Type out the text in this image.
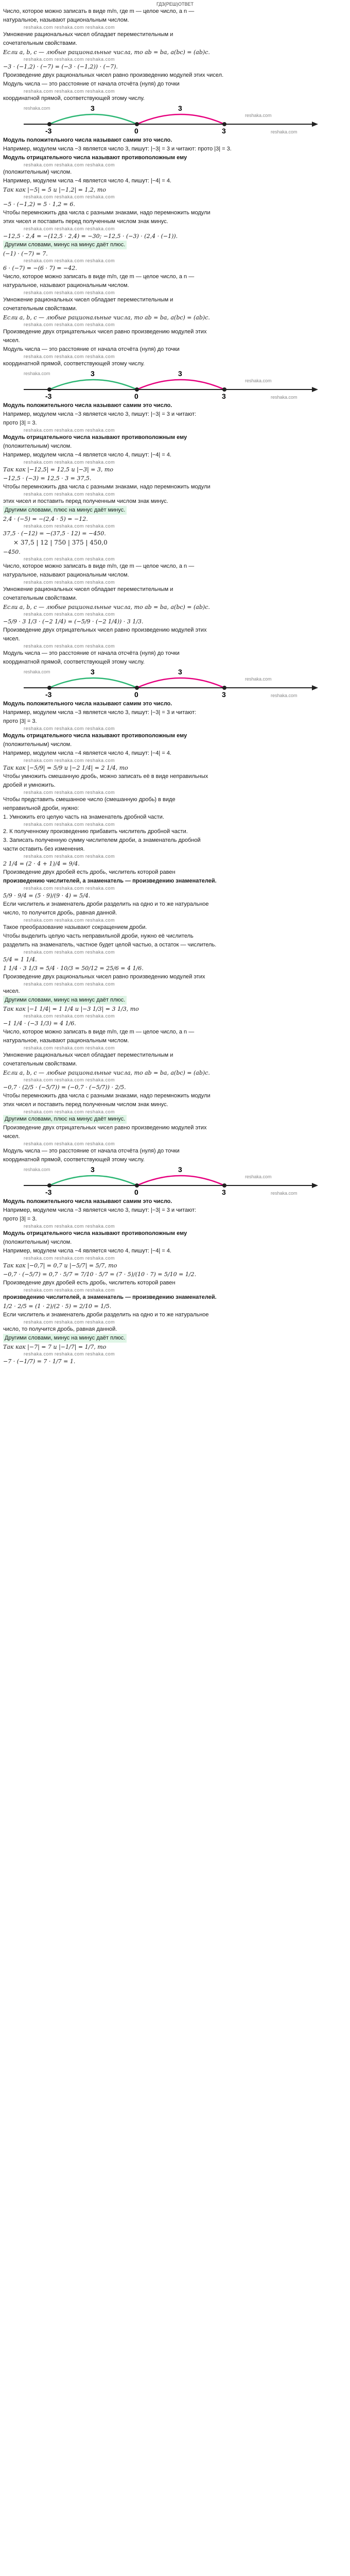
ГДЗ(РЕШ)ОТВЕТ
Число, которое можно записать в виде m/n, где m — целое число, а n —
натуральное, называют рациональным числом.
reshaka.com reshaka.com reshaka.com
Умножение рациональных чисел обладает переместительным и
сочетательным свойствами.
Если a, b, c — любые рациональные числа, то ab = ba, a(bc) = (ab)c.
reshaka.com reshaka.com reshaka.com
−3 · (−1,2) · (−7) = (−3 · (−1,2)) · (−7).
Произведение двух рациональных чисел равно произведению модулей этих чисел.
Модуль числа — это расстояние от начала отсчёта (нуля) до точки
reshaka.com reshaka.com reshaka.com
координатной прямой, соответствующей этому числу.
-3	0	3
3	3
reshaka.com
reshaka.com
reshaka.com
Модуль положительного числа называют самим это число.
Например, модулем числа −3 является число 3, пишут: |−3| = 3 и читают: прото |3| = 3.
Модуль отрицательного числа называют противоположным ему
reshaka.com reshaka.com reshaka.com
(положительным) числом.
Например, модулем числа −4 является число 4, пишут: |−4| = 4.
Так как |−5| = 5 и |−1,2| = 1,2, то
reshaka.com reshaka.com reshaka.com
−5 · (−1,2) = 5 · 1,2 = 6.
Чтобы перемножить два числа с разными знаками, надо перемножить модули
этих чисел и поставить перед полученным числом знак минус.
reshaka.com reshaka.com reshaka.com
−12,5 · 2,4 = −(12,5 · 2,4) = −30; −12,5 · (−3) · (2,4 · (−1)).
Другими словами, минус на минус даёт плюс.
(−1) · (−7) = 7.
reshaka.com reshaka.com reshaka.com
6 · (−7) = −(6 · 7) = −42.
Число, которое можно записать в виде m/n, где m — целое число, а n —
натуральное, называют рациональным числом.
reshaka.com reshaka.com reshaka.com
Умножение рациональных чисел обладает переместительным и
сочетательным свойствами.
Если a, b, c — любые рациональные числа, то ab = ba, a(bc) = (ab)c.
reshaka.com reshaka.com reshaka.com
Произведение двух отрицательных чисел равно произведению модулей этих
чисел.
Модуль числа — это расстояние от начала отсчёта (нуля) до точки
reshaka.com reshaka.com reshaka.com
координатной прямой, соответствующей этому числу.
-3	0	3
3	3
reshaka.com
reshaka.com
reshaka.com
Модуль положительного числа называют самим это число.
Например, модулем числа −3 является число 3, пишут: |−3| = 3 и читают:
прото |3| = 3.
reshaka.com reshaka.com reshaka.com
Модуль отрицательного числа называют противоположным ему
(положительным) числом.
Например, модулем числа −4 является число 4, пишут: |−4| = 4.
reshaka.com reshaka.com reshaka.com
Так как |−12,5| = 12,5 и |−3| = 3, то
−12,5 · (−3) = 12,5 · 3 = 37,5.
Чтобы перемножить два числа с разными знаками, надо перемножить модули
reshaka.com reshaka.com reshaka.com
этих чисел и поставить перед полученным числом знак минус.
Другими словами, плюс на минус даёт минус.
2,4 · (−5) = −(2,4 · 5) = −12.
reshaka.com reshaka.com reshaka.com
37,5 · (−12) = −(37,5 · 12) = −450.
× 37,5 | 12 | 750 | 375 | 450,0
−450.
reshaka.com reshaka.com reshaka.com
Число, которое можно записать в виде m/n, где m — целое число, а n —
натуральное, называют рациональным числом.
reshaka.com reshaka.com reshaka.com
Умножение рациональных чисел обладает переместительным и
сочетательным свойствами.
Если a, b, c — любые рациональные числа, то ab = ba, a(bc) = (ab)c.
reshaka.com reshaka.com reshaka.com
−5/9 · 3 1/3 · (−2 1/4) = (−5/9 · (−2 1/4)) · 3 1/3.
Произведение двух отрицательных чисел равно произведению модулей этих
чисел.
reshaka.com reshaka.com reshaka.com
Модуль числа — это расстояние от начала отсчёта (нуля) до точки
координатной прямой, соответствующей этому числу.
-3	0	3
3	3
reshaka.com
reshaka.com
reshaka.com
Модуль положительного числа называют самим это число.
Например, модулем числа −3 является число 3, пишут: |−3| = 3 и читают:
прото |3| = 3.
reshaka.com reshaka.com reshaka.com
Модуль отрицательного числа называют противоположным ему
(положительным) числом.
Например, модулем числа −4 является число 4, пишут: |−4| = 4.
reshaka.com reshaka.com reshaka.com
Так как |−5/9| = 5/9 и |−2 1/4| = 2 1/4, то
Чтобы умножить смешанную дробь, можно записать её в виде неправильных
дробей и умножить.
reshaka.com reshaka.com reshaka.com
Чтобы представить смешанное число (смешанную дробь) в виде
неправильной дроби, нужно:
1. Умножить его целую часть на знаменатель дробной части.
reshaka.com reshaka.com reshaka.com
2. К полученному произведению прибавить числитель дробной части.
3. Записать полученную сумму числителем дроби, а знаменатель дробной
части оставить без изменения.
reshaka.com reshaka.com reshaka.com
2 1/4 = (2 · 4 + 1)/4 = 9/4.
Произведение двух дробей есть дробь, числитель которой равен
произведению числителей, а знаменатель — произведению знаменателей.
reshaka.com reshaka.com reshaka.com
5/9 · 9/4 = (5 · 9)/(9 · 4) = 5/4.
Если числитель и знаменатель дроби разделить на одно и то же натуральное
число, то получится дробь, равная данной.
reshaka.com reshaka.com reshaka.com
Такое преобразование называют сокращением дроби.
Чтобы выделить целую часть неправильной дроби, нужно её числитель
разделить на знаменатель, частное будет целой частью, а остаток — числитель.
reshaka.com reshaka.com reshaka.com
5/4 = 1 1/4.
1 1/4 · 3 1/3 = 5/4 · 10/3 = 50/12 = 25/6 = 4 1/6.
Произведение двух рациональных чисел равно произведению модулей этих
reshaka.com reshaka.com reshaka.com
чисел.
Другими словами, минус на минус даёт плюс.
Так как |−1 1/4| = 1 1/4 и |−3 1/3| = 3 1/3, то
reshaka.com reshaka.com reshaka.com
−1 1/4 · (−3 1/3) = 4 1/6.
Число, которое можно записать в виде m/n, где m — целое число, а n —
натуральное, называют рациональным числом.
reshaka.com reshaka.com reshaka.com
Умножение рациональных чисел обладает переместительным и
сочетательным свойствами.
Если a, b, c — любые рациональные числа, то ab = ba, a(bc) = (ab)c.
reshaka.com reshaka.com reshaka.com
−0,7 · (2/5 · (−5/7)) = (−0,7 · (−5/7)) · 2/5.
Чтобы перемножить два числа с разными знаками, надо перемножить модули
этих чисел и поставить перед полученным числом знак минус.
reshaka.com reshaka.com reshaka.com
Другими словами, плюс на минус даёт минус.
Произведение двух отрицательных чисел равно произведению модулей этих
чисел.
reshaka.com reshaka.com reshaka.com
Модуль числа — это расстояние от начала отсчёта (нуля) до точки
координатной прямой, соответствующей этому числу.
-3	0	3
3	3
reshaka.com
reshaka.com
reshaka.com
Модуль положительного числа называют самим это число.
Например, модулем числа −3 является число 3, пишут: |−3| = 3 и читают:
прото |3| = 3.
reshaka.com reshaka.com reshaka.com
Модуль отрицательного числа называют противоположным ему
(положительным) числом.
Например, модулем числа −4 является число 4, пишут: |−4| = 4.
reshaka.com reshaka.com reshaka.com
Так как |−0,7| = 0,7 и |−5/7| = 5/7, то
−0,7 · (−5/7) = 0,7 · 5/7 = 7/10 · 5/7 = (7 · 5)/(10 · 7) = 5/10 = 1/2.
Произведение двух дробей есть дробь, числитель которой равен
reshaka.com reshaka.com reshaka.com
произведению числителей, а знаменатель — произведению знаменателей.
1/2 · 2/5 = (1 · 2)/(2 · 5) = 2/10 = 1/5.
Если числитель и знаменатель дроби разделить на одно и то же натуральное
reshaka.com reshaka.com reshaka.com
число, то получится дробь, равная данной.
Другими словами, минус на минус даёт плюс.
Так как |−7| = 7 и |−1/7| = 1/7, то
reshaka.com reshaka.com reshaka.com
−7 · (−1/7) = 7 · 1/7 = 1.
